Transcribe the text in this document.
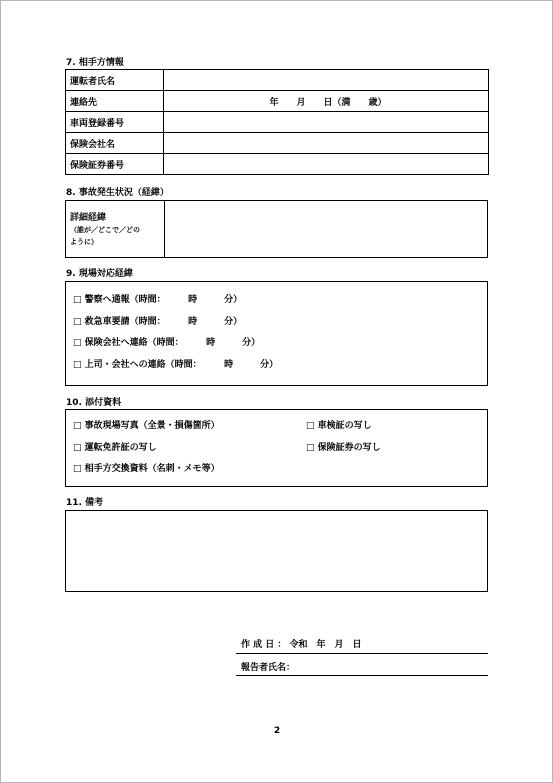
7. 相手方情報
運転者氏名	
連絡先	年　　月　　日（満　　歳）
車両登録番号	
保険会社名	
保険証券番号	
8. 事故発生状況（経緯）
詳細経緯
（誰が／どこで／どの
ように）
9. 現場対応経緯
□ 警察へ通報（時間：　　　時　　　分）
□ 救急車要請（時間：　　　時　　　分）
□ 保険会社へ連絡（時間：　　　時　　　分）
□ 上司・会社への連絡（時間：　　　時　　　分）
10. 添付資料
□ 事故現場写真（全景・損傷箇所）
□ 運転免許証の写し
□ 相手方交換資料（名刺・メモ等）
□ 車検証の写し
□ 保険証券の写し
11. 備考
作 成 日 ： 令和　年　月　日
報告者氏名：
2
